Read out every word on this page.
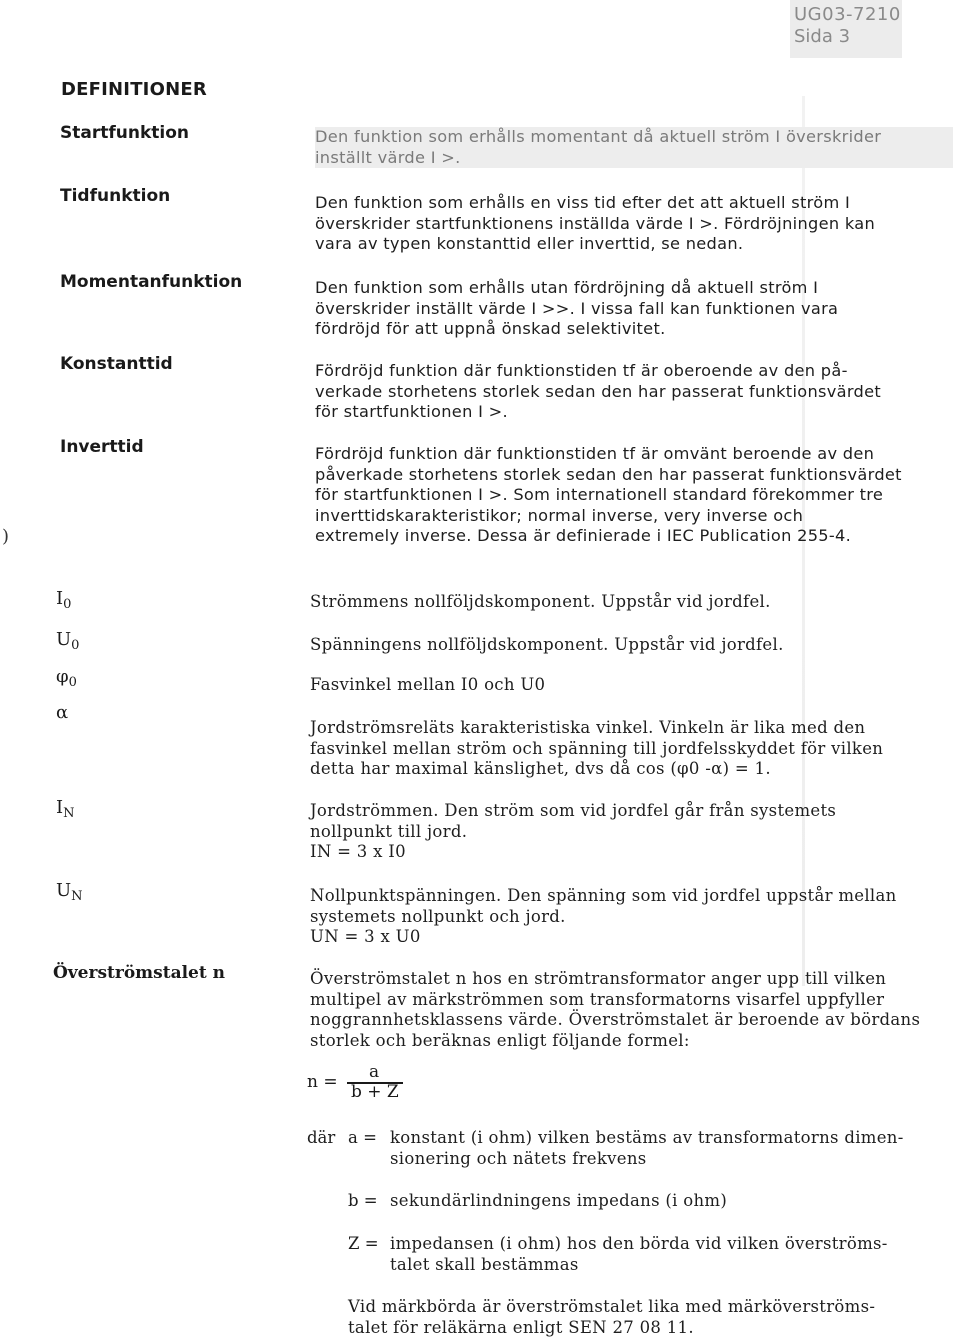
UG03-7210
Sida 3
DEFINITIONER
Startfunktion	Den funktion som erhålls momentant då aktuell ström I överskrider

inställt värde I >.

Tidfunktion	Den funktion som erhålls en viss tid efter det att aktuell ström I

överskrider startfunktionens inställda värde I >. Fördröjningen kan

vara av typen konstanttid eller inverttid, se nedan.

Momentanfunktion	Den funktion som erhålls utan fördröjning då aktuell ström I

överskrider inställt värde I >>. I vissa fall kan funktionen vara

fördröjd för att uppnå önskad selektivitet.

Konstanttid	Fördröjd funktion där funktionstiden tf är oberoende av den på-

verkade storhetens storlek sedan den har passerat funktionsvärdet

för startfunktionen I >.

Inverttid	Fördröjd funktion där funktionstiden tf är omvänt beroende av den

påverkade storhetens storlek sedan den har passerat funktionsvärdet

för startfunktionen I >. Som internationell standard förekommer tre

inverttidskarakteristikor; normal inverse, very inverse och

extremely inverse. Dessa är definierade i IEC Publication 255-4.

)
$I_0$	Strömmens nollföljdskomponent. Uppstår vid jordfel.
$U_0$	Spänningens nollföljdskomponent. Uppstår vid jordfel.
$\varphi_0$	Fasvinkel mellan I0 och U0
α
Jordströmsreläts karakteristiska vinkel. Vinkeln är lika med den
fasvinkel mellan ström och spänning till jordfelsskyddet för vilken
detta har maximal känslighet, dvs då cos (φ0 -α) = 1.
$I_N$	Jordströmmen. Den ström som vid jordfel går från systemets
nollpunkt till jord.
IN = 3 x I0
$U_N$	Nollpunktspänningen. Den spänning som vid jordfel uppstår mellan
systemets nollpunkt och jord.
UN = 3 x U0
Överströmstalet n	Överströmstalet n hos en strömtransformator anger upp till vilken
multipel av märkströmmen som transformatorns visarfel uppfyller
noggrannhetsklassens värde. Överströmstalet är beroende av bördans
storlek och beräknas enligt följande formel:
n = a
b + Z
där a = konstant (i ohm) vilken bestäms av transformatorns dimen-
sionering och nätets frekvens
b = sekundärlindningens impedans (i ohm)
Z = impedansen (i ohm) hos den börda vid vilken överströms-
talet skall bestämmas
Vid märkbörda är överströmstalet lika med märköverströms-
talet för reläkärna enligt SEN 27 08 11.
